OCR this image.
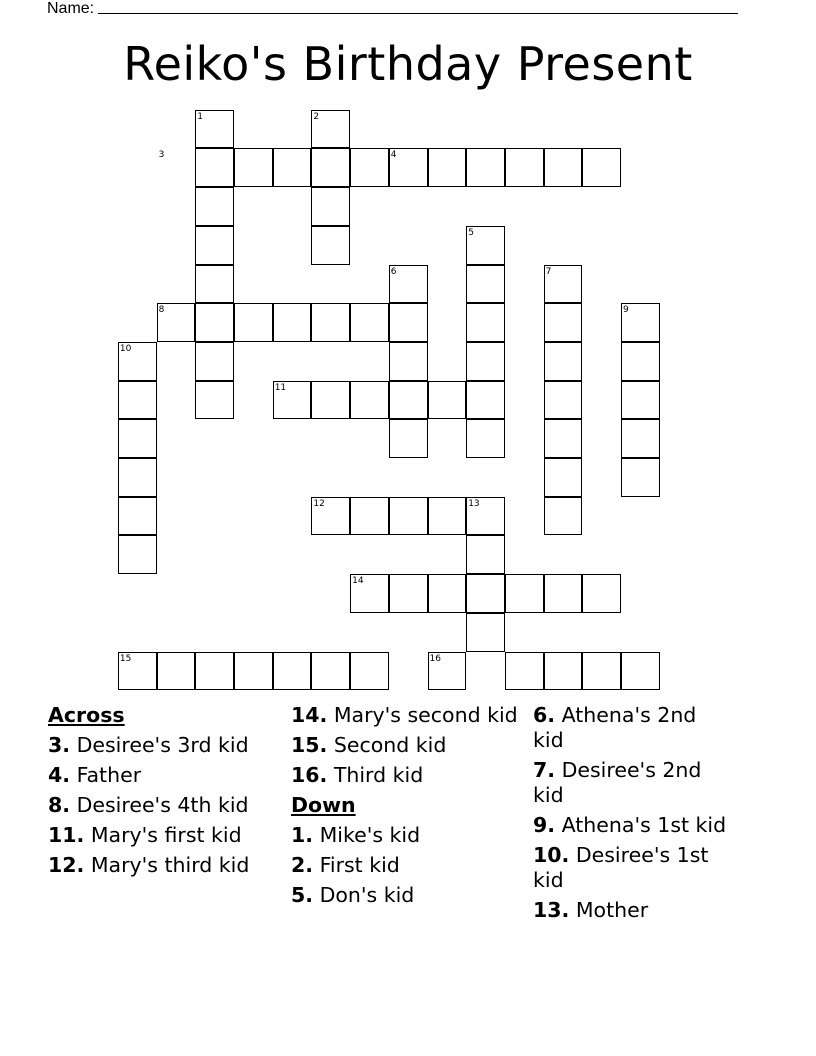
Name:
Reiko's Birthday Present
1	2
3	4
5
6	7
8	9
10
11
12	13
14
15	16
Across
3. Desiree's 3rd kid
4. Father
8. Desiree's 4th kid
11. Mary's first kid
12. Mary's third kid
14. Mary's second kid
15. Second kid
16. Third kid
Down
1. Mike's kid
2. First kid
5. Don's kid
6. Athena's 2nd kid
7. Desiree's 2nd kid
9. Athena's 1st kid
10. Desiree's 1st kid
13. Mother
